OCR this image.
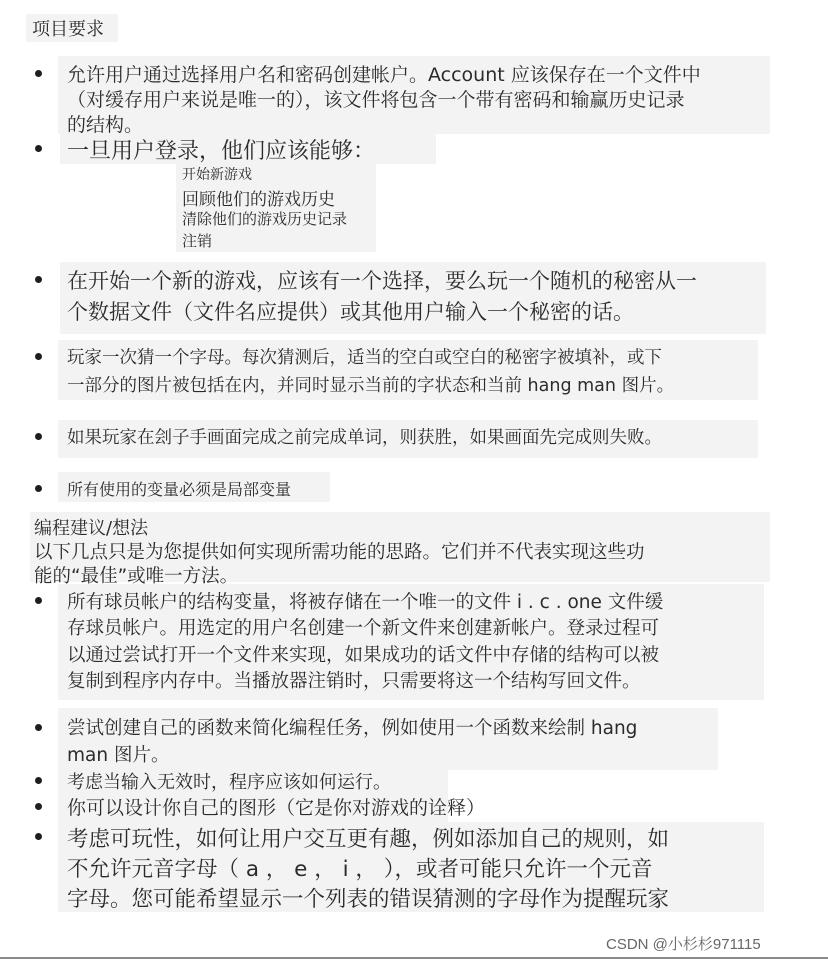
项目要求

允许用户通过选择用户名和密码创建帐户。Account 应该保存在一个文件中

（对缓存用户来说是唯一的），该文件将包含一个带有密码和输赢历史记录

的结构。

一旦用户登录，他们应该能够：

开始新游戏

回顾他们的游戏历史

清除他们的游戏历史记录

注销

在开始一个新的游戏，应该有一个选择，要么玩一个随机的秘密从一

个数据文件（文件名应提供）或其他用户输入一个秘密的话。

玩家一次猜一个字母。每次猜测后，适当的空白或空白的秘密字被填补，或下

一部分的图片被包括在内，并同时显示当前的字状态和当前 hang man 图片。

如果玩家在刽子手画面完成之前完成单词，则获胜，如果画面先完成则失败。

所有使用的变量必须是局部变量

编程建议/想法

以下几点只是为您提供如何实现所需功能的思路。它们并不代表实现这些功

能的“最佳”或唯一方法。

所有球员帐户的结构变量，将被存储在一个唯一的文件 i . c . one 文件缓

存球员帐户。用选定的用户名创建一个新文件来创建新帐户。登录过程可

以通过尝试打开一个文件来实现，如果成功的话文件中存储的结构可以被

复制到程序内存中。当播放器注销时，只需要将这一个结构写回文件。

尝试创建自己的函数来简化编程任务，例如使用一个函数来绘制 hang

man 图片。

考虑当输入无效时，程序应该如何运行。

你可以设计你自己的图形（它是你对游戏的诠释）

考虑可玩性，如何让用户交互更有趣，例如添加自己的规则，如

不允许元音字母（ a ， e ， i ， ），或者可能只允许一个元音

字母。您可能希望显示一个列表的错误猜测的字母作为提醒玩家

CSDN @小杉杉971115
